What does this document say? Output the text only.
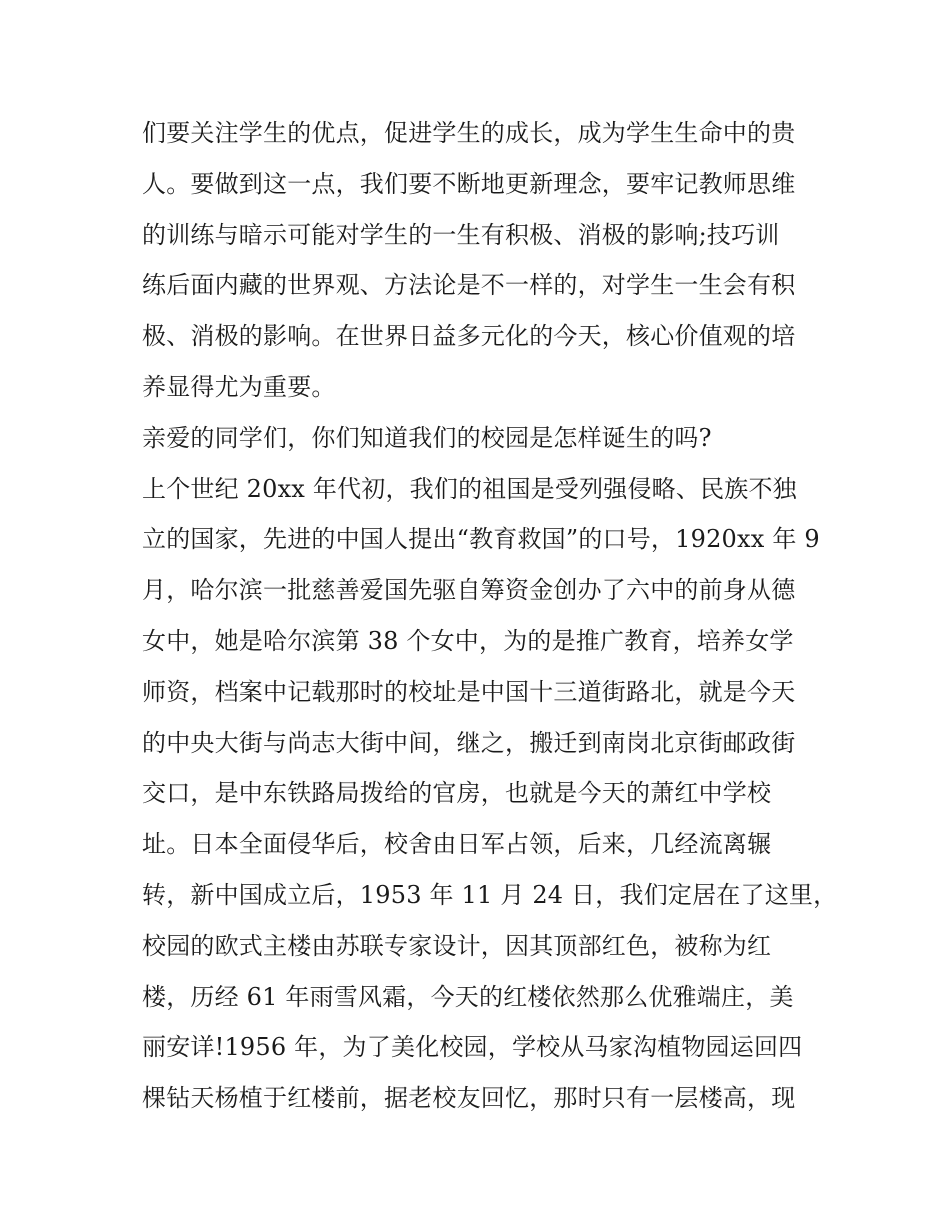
们要关注学生的优点，促进学生的成长，成为学生生命中的贵

人。要做到这一点，我们要不断地更新理念，要牢记教师思维

的训练与暗示可能对学生的一生有积极、消极的影响;技巧训

练后面内藏的世界观、方法论是不一样的，对学生一生会有积

极、消极的影响。在世界日益多元化的今天，核心价值观的培

养显得尤为重要。

亲爱的同学们，你们知道我们的校园是怎样诞生的吗?

上个世纪 20xx 年代初，我们的祖国是受列强侵略、民族不独

立的国家，先进的中国人提出“教育救国”的口号，1920xx 年 9

月，哈尔滨一批慈善爱国先驱自筹资金创办了六中的前身从德

女中，她是哈尔滨第 38 个女中，为的是推广教育，培养女学

师资，档案中记载那时的校址是中国十三道街路北，就是今天

的中央大街与尚志大街中间，继之，搬迁到南岗北京街邮政街

交口，是中东铁路局拨给的官房，也就是今天的萧红中学校

址。日本全面侵华后，校舍由日军占领，后来，几经流离辗

转，新中国成立后，1953 年 11 月 24 日，我们定居在了这里，

校园的欧式主楼由苏联专家设计，因其顶部红色，被称为红

楼，历经 61 年雨雪风霜，今天的红楼依然那么优雅端庄，美

丽安详!1956 年，为了美化校园，学校从马家沟植物园运回四

棵钻天杨植于红楼前，据老校友回忆，那时只有一层楼高，现
